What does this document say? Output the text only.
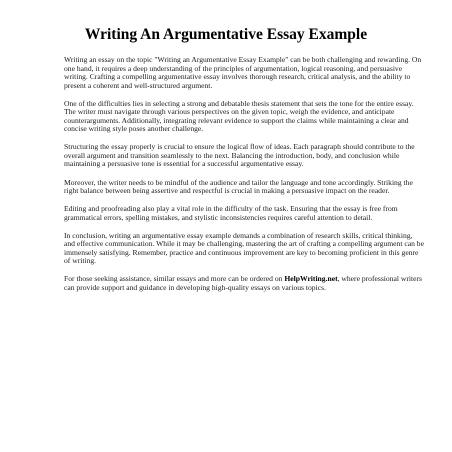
Writing An Argumentative Essay Example

Writing an essay on the topic "Writing an Argumentative Essay Example" can be both challenging and rewarding. On one hand, it requires a deep understanding of the principles of argumentation, logical reasoning, and persuasive writing. Crafting a compelling argumentative essay involves thorough research, critical analysis, and the ability to present a coherent and well-structured argument.

One of the difficulties lies in selecting a strong and debatable thesis statement that sets the tone for the entire essay. The writer must navigate through various perspectives on the given topic, weigh the evidence, and anticipate counterarguments. Additionally, integrating relevant evidence to support the claims while maintaining a clear and concise writing style poses another challenge.

Structuring the essay properly is crucial to ensure the logical flow of ideas. Each paragraph should contribute to the overall argument and transition seamlessly to the next. Balancing the introduction, body, and conclusion while maintaining a persuasive tone is essential for a successful argumentative essay.

Moreover, the writer needs to be mindful of the audience and tailor the language and tone accordingly. Striking the right balance between being assertive and respectful is crucial in making a persuasive impact on the reader.

Editing and proofreading also play a vital role in the difficulty of the task. Ensuring that the essay is free from grammatical errors, spelling mistakes, and stylistic inconsistencies requires careful attention to detail.

In conclusion, writing an argumentative essay example demands a combination of research skills, critical thinking, and effective communication. While it may be challenging, mastering the art of crafting a compelling argument can be immensely satisfying. Remember, practice and continuous improvement are key to becoming proficient in this genre of writing.

For those seeking assistance, similar essays and more can be ordered on HelpWriting.net, where professional writers can provide support and guidance in developing high-quality essays on various topics.
